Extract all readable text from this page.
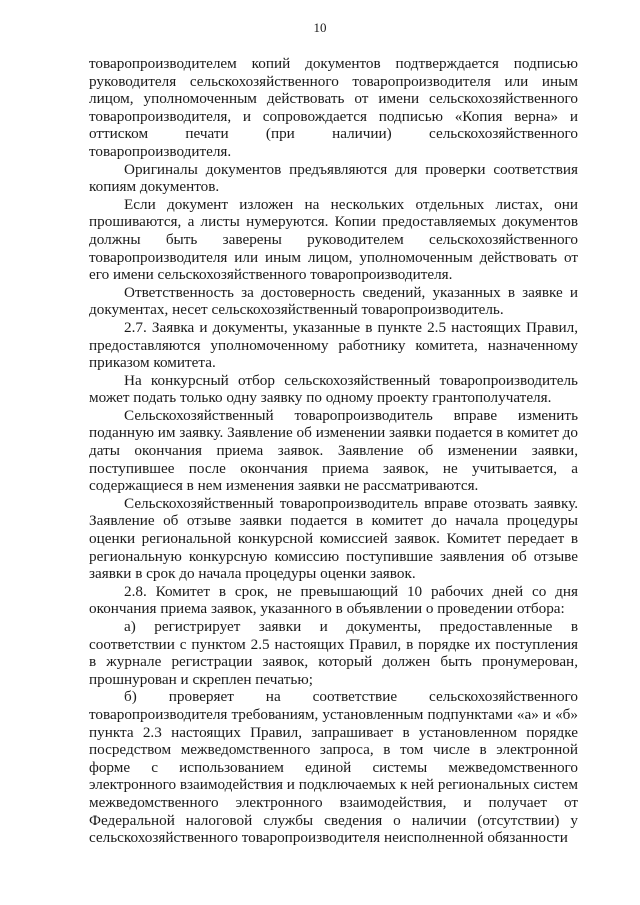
10

товаропроизводителем копий документов подтверждается подписью руководителя сельскохозяйственного товаропроизводителя или иным лицом, уполномоченным действовать от имени сельскохозяйственного товаропроизводителя, и сопровождается подписью «Копия верна» и оттиском печати (при наличии) сельскохозяйственного товаропроизводителя.

Оригиналы документов предъявляются для проверки соответствия копиям документов.

Если документ изложен на нескольких отдельных листах, они прошиваются, а листы нумеруются. Копии предоставляемых документов должны быть заверены руководителем сельскохозяйственного товаропроизводителя или иным лицом, уполномоченным действовать от его имени сельскохозяйственного товаропроизводителя.

Ответственность за достоверность сведений, указанных в заявке и документах, несет сельскохозяйственный товаропроизводитель.

2.7. Заявка и документы, указанные в пункте 2.5 настоящих Правил, предоставляются уполномоченному работнику комитета, назначенному приказом комитета.

На конкурсный отбор сельскохозяйственный товаропроизводитель может подать только одну заявку по одному проекту грантополучателя.

Сельскохозяйственный товаропроизводитель вправе изменить поданную им заявку. Заявление об изменении заявки подается в комитет до даты окончания приема заявок. Заявление об изменении заявки, поступившее после окончания приема заявок, не учитывается, а содержащиеся в нем изменения заявки не рассматриваются.

Сельскохозяйственный товаропроизводитель вправе отозвать заявку. Заявление об отзыве заявки подается в комитет до начала процедуры оценки региональной конкурсной комиссией заявок. Комитет передает в региональную конкурсную комиссию поступившие заявления об отзыве заявки в срок до начала процедуры оценки заявок.

2.8. Комитет в срок, не превышающий 10 рабочих дней со дня окончания приема заявок, указанного в объявлении о проведении отбора:

а) регистрирует заявки и документы, предоставленные в соответствии с пунктом 2.5 настоящих Правил, в порядке их поступления в журнале регистрации заявок, который должен быть пронумерован, прошнурован и скреплен печатью;

б) проверяет на соответствие сельскохозяйственного товаропроизводителя требованиям, установленным подпунктами «а» и «б» пункта 2.3 настоящих Правил, запрашивает в установленном порядке посредством межведомственного запроса, в том числе в электронной форме с использованием единой системы межведомственного электронного взаимодействия и подключаемых к ней региональных систем межведомственного электронного взаимодействия, и получает от Федеральной налоговой службы сведения о наличии (отсутствии) у сельскохозяйственного товаропроизводителя неисполненной обязанности
